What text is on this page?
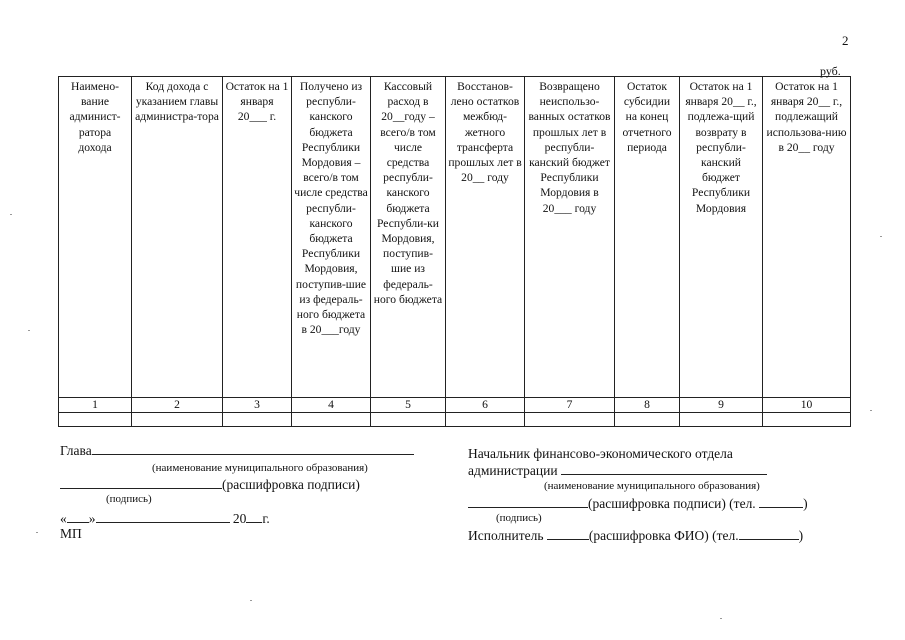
2
руб.
Наимено-вание админист-ратора дохода	Код дохода с указанием главы администра-тора	Остаток на 1 января 20___ г.	Получено из республи-канского бюджета Республики Мордовия – всего/в том числе средства республи-канского бюджета Республики Мордовия, поступив-шие из федераль-ного бюджета в 20___году	Кассовый расход в 20__году – всего/в том числе средства республи-канского бюджета Республи-ки Мордовия, поступив-шие из федераль-ного бюджета	Восстанов-лено остатков межбюд-жетного трансферта прошлых лет в 20__ году	Возвращено неиспользо-ванных остатков прошлых лет в республи-канский бюджет Республики Мордовия в 20___ году	Остаток субсидии на конец отчетного периода	Остаток на 1 января 20__ г., подлежа-щий возврату в республи-канский бюджет Республики Мордовия	Остаток на 1 января 20__ г., подлежащий использова-нию в 20__ году
1	2	3	4	5	6	7	8	9	10

Глава
(наименование муниципального образования)
(расшифровка подписи)
(подпись)
« »	20 г.
МП
Начальник финансово-экономического отдела
администрации
(наименование муниципального образования)
(расшифровка подписи) (тел.	)
(подпись)
Исполнитель	(расшифровка ФИО) (тел.	)
